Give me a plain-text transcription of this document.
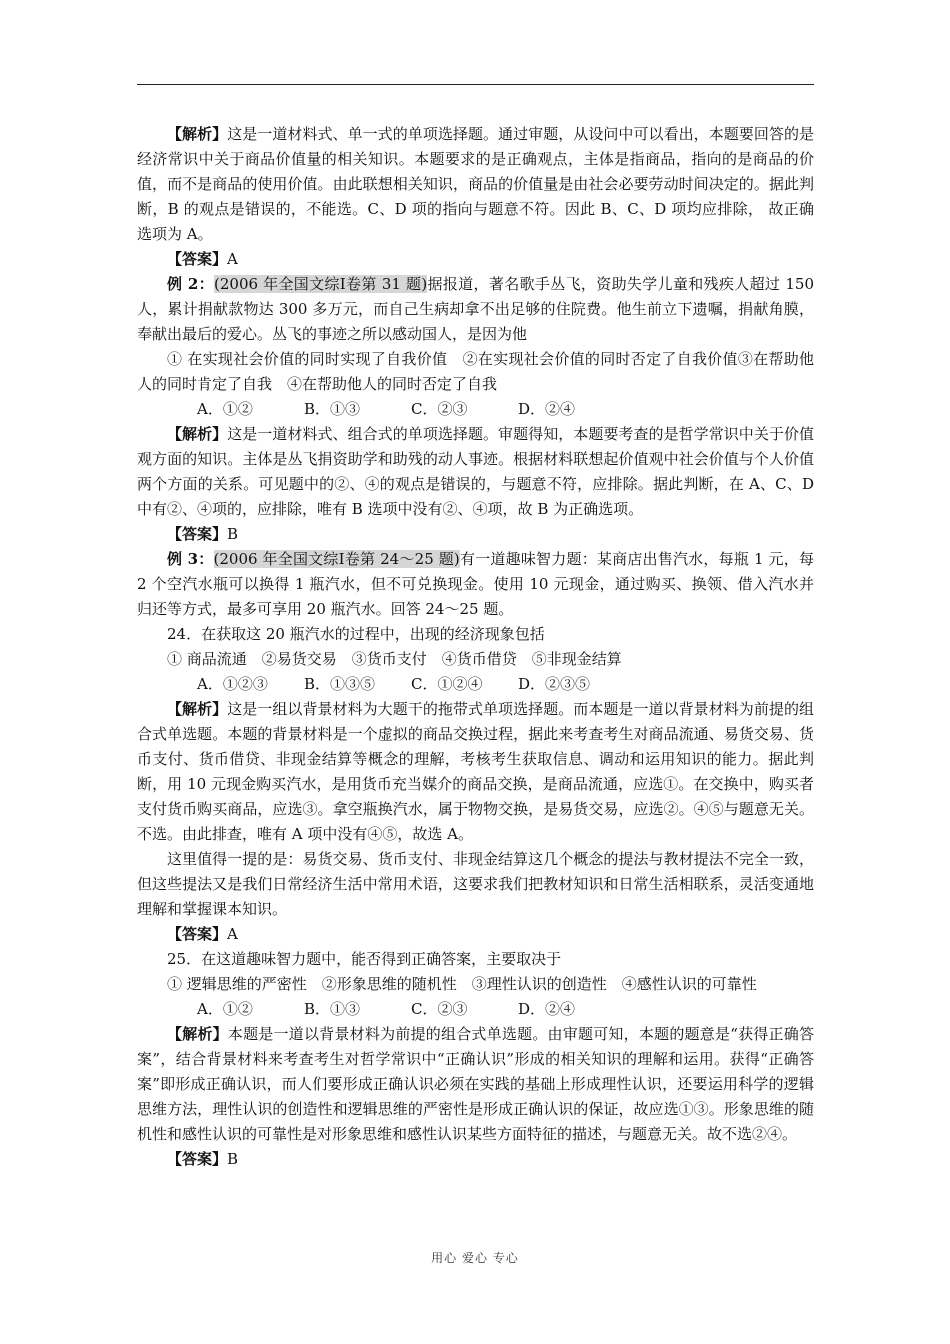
【解析】这是一道材料式、单一式的单项选择题。通过审题，从设问中可以看出，本题要回答的是经济常识中关于商品价值量的相关知识。本题要求的是正确观点，主体是指商品，指向的是商品的价值，而不是商品的使用价值。由此联想相关知识，商品的价值量是由社会必要劳动时间决定的。据此判断，B 的观点是错误的，不能选。C、D 项的指向与题意不符。因此 B、C、D 项均应排除， 故正确选项为 A。

【答案】A

例 2：(2006 年全国文综Ⅰ卷第 31 题)据报道，著名歌手丛飞，资助失学儿童和残疾人超过 150 人，累计捐献款物达 300 多万元，而自己生病却拿不出足够的住院费。他生前立下遗嘱，捐献角膜，奉献出最后的爱心。丛飞的事迹之所以感动国人，是因为他

① 在实现社会价值的同时实现了自我价值　②在实现社会价值的同时否定了自我价值③在帮助他人的同时肯定了自我　④在帮助他人的同时否定了自我

A．①②	B．①③	C．②③	D．②④

【解析】这是一道材料式、组合式的单项选择题。审题得知，本题要考查的是哲学常识中关于价值观方面的知识。主体是丛飞捐资助学和助残的动人事迹。根据材料联想起价值观中社会价值与个人价值两个方面的关系。可见题中的②、④的观点是错误的，与题意不符，应排除。据此判断，在 A、C、D 中有②、④项的，应排除，唯有 B 选项中没有②、④项，故 B 为正确选项。

【答案】B

例 3：(2006 年全国文综Ⅰ卷第 24～25 题)有一道趣味智力题：某商店出售汽水，每瓶 1 元，每 2 个空汽水瓶可以换得 1 瓶汽水，但不可兑换现金。使用 10 元现金，通过购买、换领、借入汽水并归还等方式，最多可享用 20 瓶汽水。回答 24～25 题。

24．在获取这 20 瓶汽水的过程中，出现的经济现象包括

① 商品流通　②易货交易　③货币支付　④货币借贷　⑤非现金结算

A．①②③ B．①③⑤ C．①②④ D．②③⑤

【解析】这是一组以背景材料为大题干的拖带式单项选择题。而本题是一道以背景材料为前提的组合式单选题。本题的背景材料是一个虚拟的商品交换过程，据此来考查考生对商品流通、易货交易、货币支付、货币借贷、非现金结算等概念的理解，考核考生获取信息、调动和运用知识的能力。据此判断，用 10 元现金购买汽水，是用货币充当媒介的商品交换，是商品流通，应选①。在交换中，购买者支付货币购买商品，应选③。拿空瓶换汽水，属于物物交换，是易货交易，应选②。④⑤与题意无关。不选。由此排查，唯有 A 项中没有④⑤，故选 A。

这里值得一提的是：易货交易、货币支付、非现金结算这几个概念的提法与教材提法不完全一致，但这些提法又是我们日常经济生活中常用术语，这要求我们把教材知识和日常生活相联系，灵活变通地理解和掌握课本知识。

【答案】A

25．在这道趣味智力题中，能否得到正确答案，主要取决于

① 逻辑思维的严密性　②形象思维的随机性　③理性认识的创造性　④感性认识的可靠性

A．①②	B．①③	C．②③	D．②④

【解析】本题是一道以背景材料为前提的组合式单选题。由审题可知，本题的题意是“获得正确答案”，结合背景材料来考查考生对哲学常识中“正确认识”形成的相关知识的理解和运用。获得“正确答案”即形成正确认识，而人们要形成正确认识必须在实践的基础上形成理性认识，还要运用科学的逻辑思维方法，理性认识的创造性和逻辑思维的严密性是形成正确认识的保证，故应选①③。形象思维的随机性和感性认识的可靠性是对形象思维和感性认识某些方面特征的描述，与题意无关。故不选②④。

【答案】B

用心 爱心 专心
